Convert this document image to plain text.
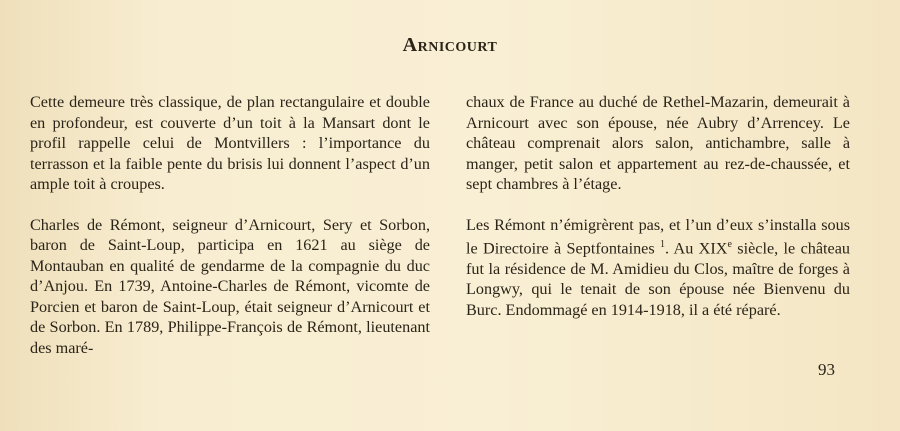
Arnicourt

Cette demeure très classique, de plan rectangulaire et double en profondeur, est couverte d’un toit à la Mansart dont le profil rappelle celui de Montvillers : l’importance du terrasson et la faible pente du brisis lui donnent l’aspect d’un ample toit à croupes.

Charles de Rémont, seigneur d’Arnicourt, Sery et Sorbon, baron de Saint-Loup, participa en 1621 au siège de Montauban en qualité de gendarme de la compagnie du duc d’Anjou. En 1739, Antoine-Charles de Rémont, vicomte de Porcien et baron de Saint-Loup, était seigneur d’Arnicourt et de Sorbon. En 1789, Philippe-François de Rémont, lieutenant des maré-

chaux de France au duché de Rethel-Mazarin, demeurait à Arnicourt avec son épouse, née Aubry d’Arrencey. Le château comprenait alors salon, antichambre, salle à manger, petit salon et appartement au rez-de-chaussée, et sept chambres à l’étage.

Les Rémont n’émigrèrent pas, et l’un d’eux s’installa sous le Directoire à Septfontaines $^1$. Au XIXe siècle, le château fut la résidence de M. Amidieu du Clos, maître de forges à Longwy, qui le tenait de son épouse née Bienvenu du Burc. Endommagé en 1914-1918, il a été réparé.

93
